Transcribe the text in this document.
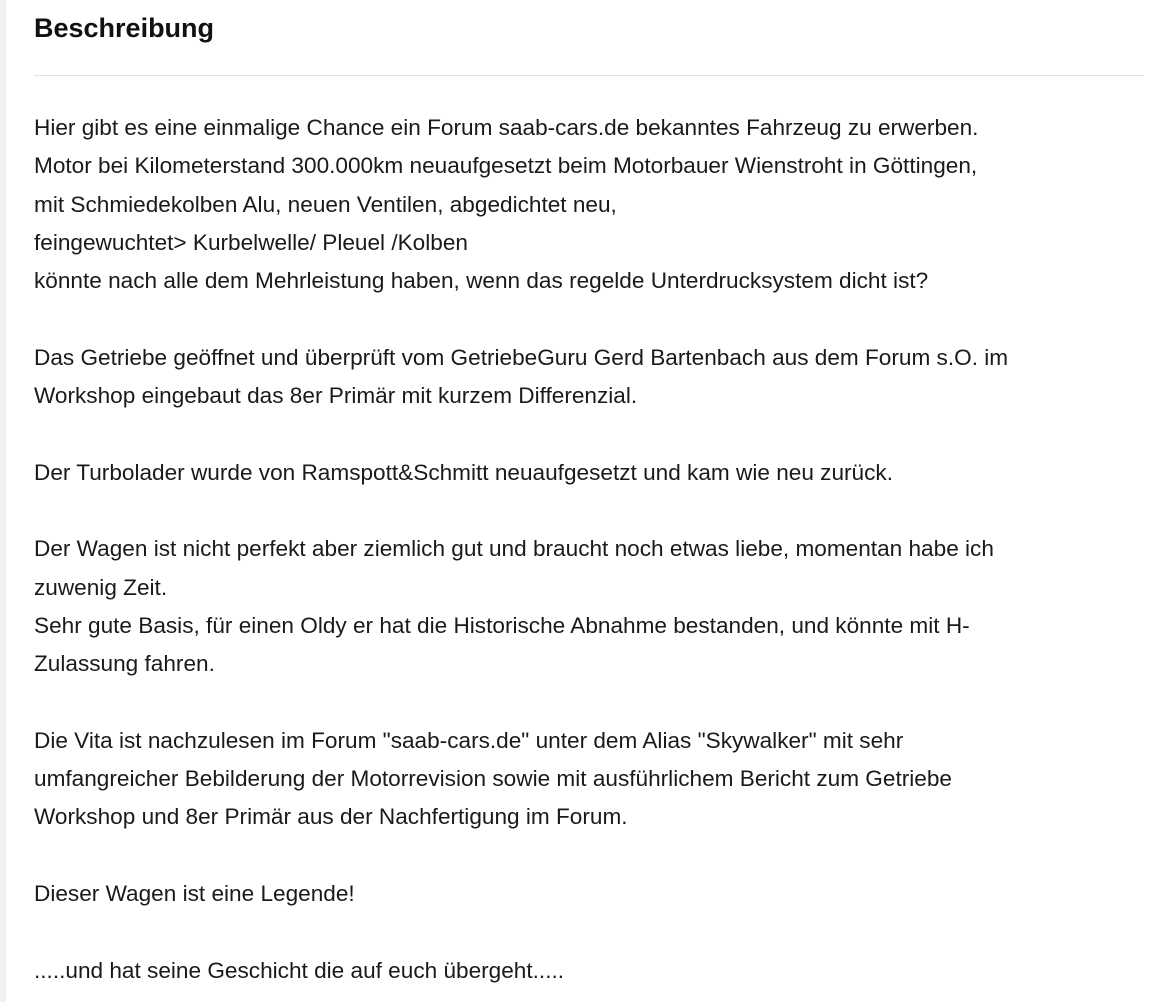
Beschreibung

Hier gibt es eine einmalige Chance ein Forum saab-cars.de bekanntes Fahrzeug zu erwerben.
Motor bei Kilometerstand 300.000km neuaufgesetzt beim Motorbauer Wienstroht in Göttingen,
mit Schmiedekolben Alu, neuen Ventilen, abgedichtet neu,
feingewuchtet> Kurbelwelle/ Pleuel /Kolben
könnte nach alle dem Mehrleistung haben, wenn das regelde Unterdrucksystem dicht ist?

Das Getriebe geöffnet und überprüft vom GetriebeGuru Gerd Bartenbach aus dem Forum s.O. im
Workshop eingebaut das 8er Primär mit kurzem Differenzial.

Der Turbolader wurde von Ramspott&Schmitt neuaufgesetzt und kam wie neu zurück.

Der Wagen ist nicht perfekt aber ziemlich gut und braucht noch etwas liebe, momentan habe ich
zuwenig Zeit.
Sehr gute Basis, für einen Oldy er hat die Historische Abnahme bestanden, und könnte mit H-
Zulassung fahren.

Die Vita ist nachzulesen im Forum "saab-cars.de" unter dem Alias "Skywalker" mit sehr
umfangreicher Bebilderung der Motorrevision sowie mit ausführlichem Bericht zum Getriebe
Workshop und 8er Primär aus der Nachfertigung im Forum.

Dieser Wagen ist eine Legende!

.....und hat seine Geschicht die auf euch übergeht.....
